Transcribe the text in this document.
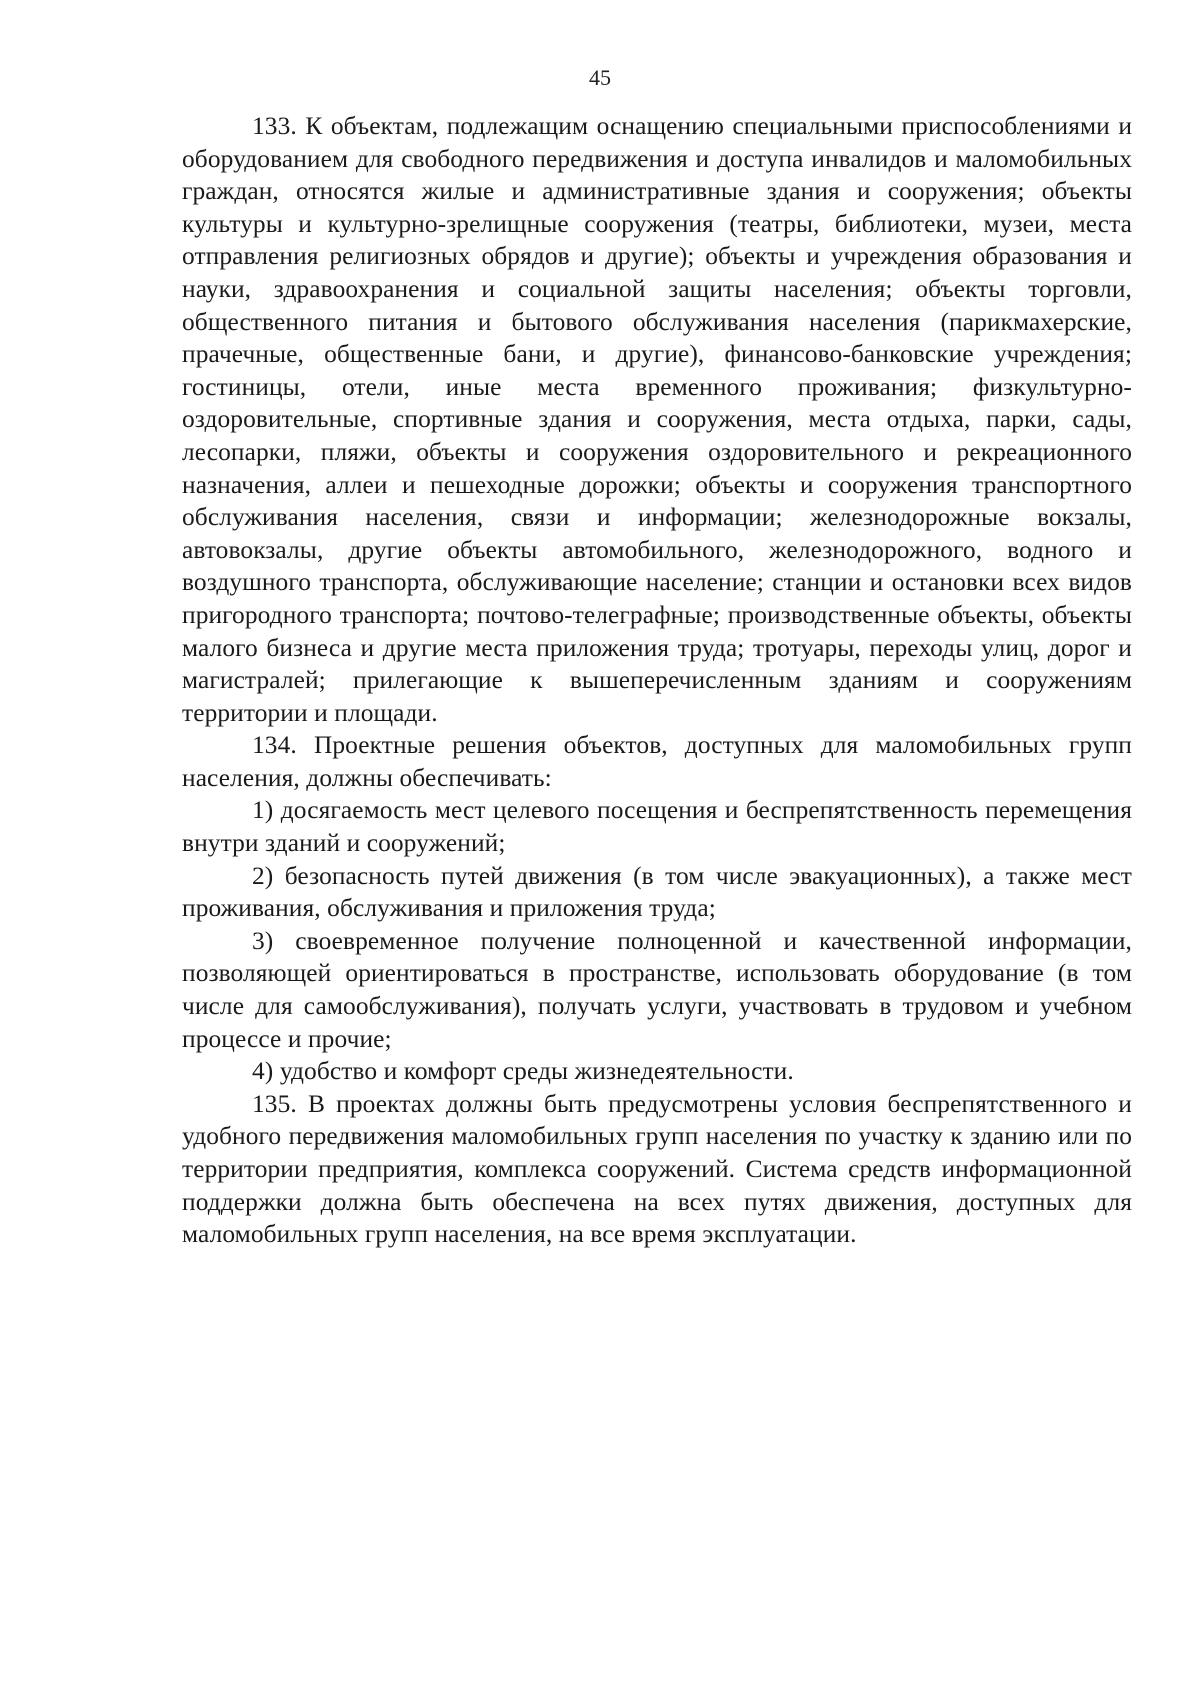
45

133. К объектам, подлежащим оснащению специальными приспособлениями и оборудованием для свободного передвижения и доступа инвалидов и маломобильных граждан, относятся жилые и административные здания и сооружения; объекты культуры и культурно-зрелищные сооружения (театры, библиотеки, музеи, места отправления религиозных обрядов и другие); объекты и учреждения образования и науки, здравоохранения и социальной защиты населения; объекты торговли, общественного питания и бытового обслуживания населения (парикмахерские, прачечные, общественные бани, и другие), финансово-банковские учреждения; гостиницы, отели, иные места временного проживания; физкультурно-оздоровительные, спортивные здания и сооружения, места отдыха, парки, сады, лесопарки, пляжи, объекты и сооружения оздоровительного и рекреационного назначения, аллеи и пешеходные дорожки; объекты и сооружения транспортного обслуживания населения, связи и информации; железнодорожные вокзалы, автовокзалы, другие объекты автомобильного, железнодорожного, водного и воздушного транспорта, обслуживающие население; станции и остановки всех видов пригородного транспорта; почтово-телеграфные; производственные объекты, объекты малого бизнеса и другие места приложения труда; тротуары, переходы улиц, дорог и магистралей; прилегающие к вышеперечисленным зданиям и сооружениям территории и площади.

134. Проектные решения объектов, доступных для маломобильных групп населения, должны обеспечивать:

1) досягаемость мест целевого посещения и беспрепятственность перемещения внутри зданий и сооружений;

2) безопасность путей движения (в том числе эвакуационных), а также мест проживания, обслуживания и приложения труда;

3) своевременное получение полноценной и качественной информации, позволяющей ориентироваться в пространстве, использовать оборудование (в том числе для самообслуживания), получать услуги, участвовать в трудовом и учебном процессе и прочие;

4) удобство и комфорт среды жизнедеятельности.

135. В проектах должны быть предусмотрены условия беспрепятственного и удобного передвижения маломобильных групп населения по участку к зданию или по территории предприятия, комплекса сооружений. Система средств информационной поддержки должна быть обеспечена на всех путях движения, доступных для маломобильных групп населения, на все время эксплуатации.
